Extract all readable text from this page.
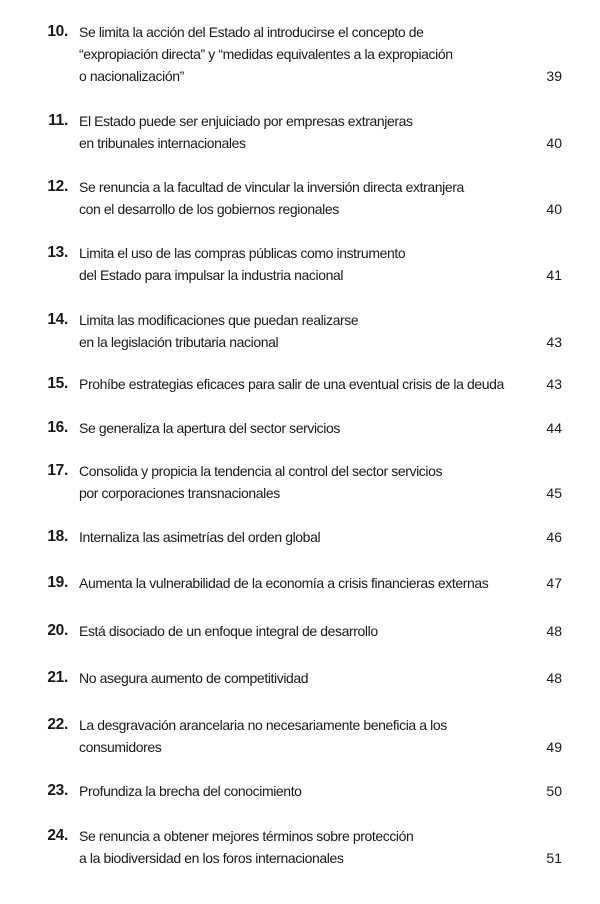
10. Se limita la acción del Estado al introducirse el concepto de
“expropiación directa” y “medidas equivalentes a la expropiación
o nacionalización”	39
11. El Estado puede ser enjuiciado por empresas extranjeras
en tribunales internacionales	40
12. Se renuncia a la facultad de vincular la inversión directa extranjera
con el desarrollo de los gobiernos regionales	40
13. Limita el uso de las compras públicas como instrumento
del Estado para impulsar la industria nacional	41
14. Limita las modificaciones que puedan realizarse
en la legislación tributaria nacional	43
15. Prohíbe estrategias eficaces para salir de una eventual crisis de la deuda	43
16. Se generaliza la apertura del sector servicios	44
17. Consolida y propicia la tendencia al control del sector servicios
por corporaciones transnacionales	45
18. Internaliza las asimetrías del orden global	46
19. Aumenta la vulnerabilidad de la economía a crisis financieras externas	47
20. Está disociado de un enfoque integral de desarrollo	48
21. No asegura aumento de competitividad	48
22. La desgravación arancelaria no necesariamente beneficia a los
consumidores	49
23. Profundiza la brecha del conocimiento	50
24. Se renuncia a obtener mejores términos sobre protección
a la biodiversidad en los foros internacionales	51
